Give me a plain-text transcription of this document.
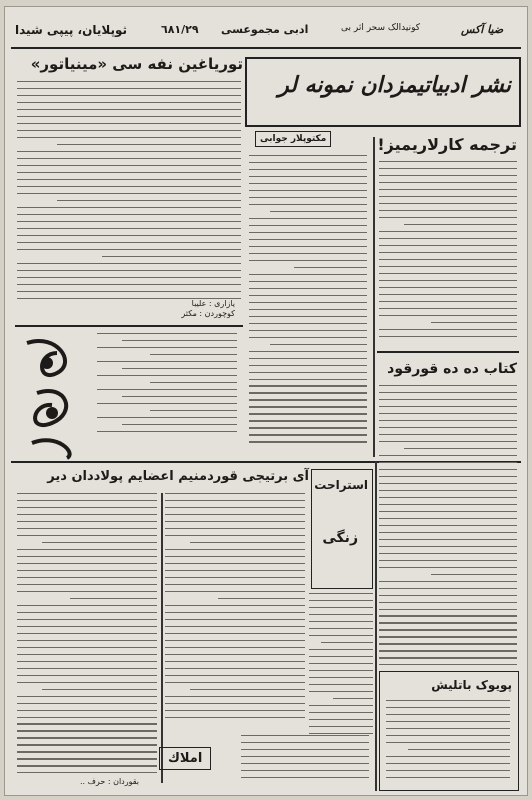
ثوپلایان، پیپى شیدا	٦٨١/٢٩ ادبى مجموعسى	كونيدالک سحر اثر بی	ضيا آكس
توریاغین نفه سى «مینیاتور»
یازارى : علیبا
كوچوردن : مكثر
نشر ادبیاتیمزدان نمونه لر
مكتوپلار جوابی	ترجمه كارلاریمیز!
كتاب دە دە قورقود
آی برتیجی قوردمنیم اعضایم پولاددان دیر
استراحت
زنگى
پویوک باتلیش
املاك
بقوردان : حرف ..
